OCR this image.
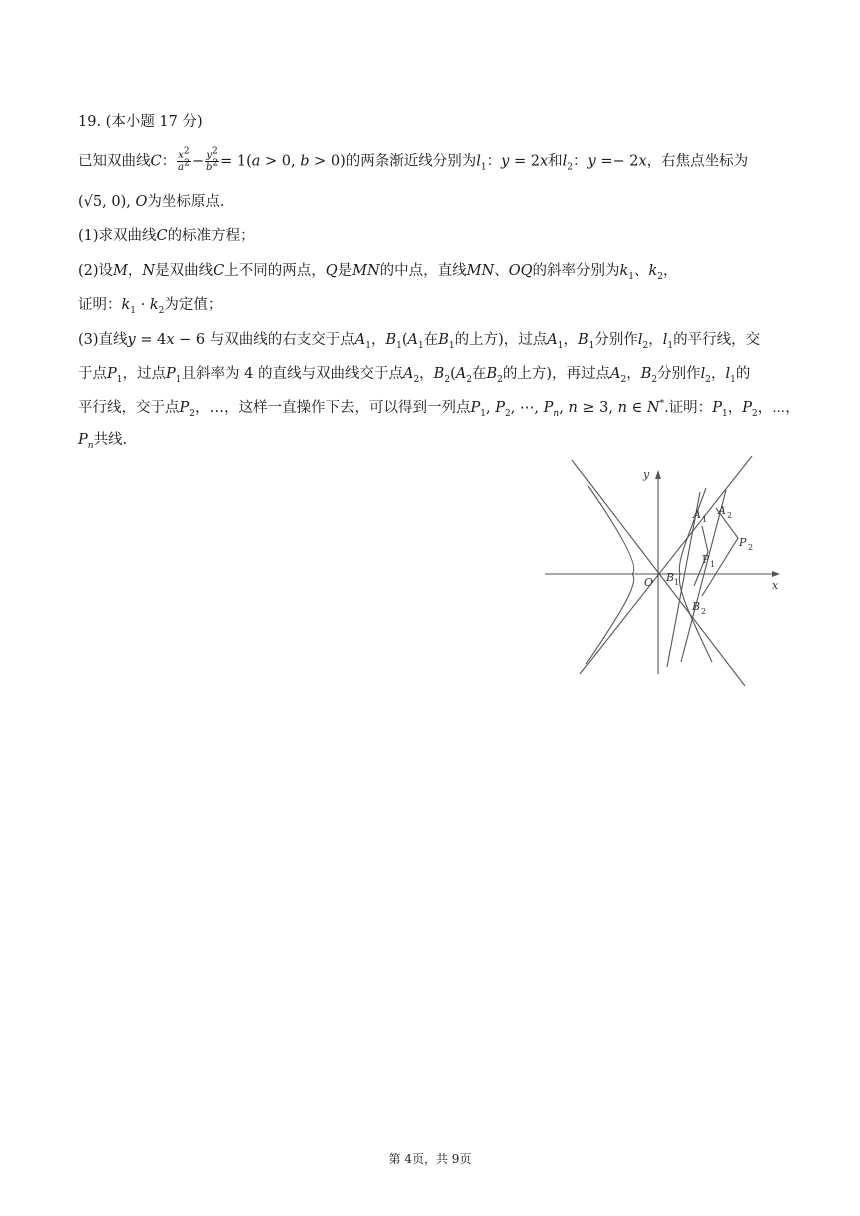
19. (本小题 17 分)
已知双曲线C： $\frac{x^2}{a^2} - \frac{y^2}{b^2} = 1(a > 0$, b > 0)的两条渐近线分别为$l_1$：y = 2x和$l_2$：y =− 2x，右焦点坐标为
(√5, 0), O为坐标原点.
(1)求双曲线C的标准方程；
(2)设M，N是双曲线C上不同的两点，Q是MN的中点，直线MN、OQ的斜率分别为$k_1$、$k_2$，
证明：$k_1 \cdot k_2$为定值；
(3)直线y = 4x − 6 与双曲线的右支交于点$A_1$，$B_1(A_1$在$B_1$的上方)，过点$A_1$，$B_1$分别作$l_2$，$l_1$的平行线，交
于点$P_1$，过点$P_1$且斜率为 4 的直线与双曲线交于点$A_2$，$B_2(A_2$在$B_2$的上方)，再过点$A_2$，$B_2$分别作$l_2$，$l_1$的
平行线，交于点$P_2$，…，这样一直操作下去，可以得到一列点$P_1$, $P_2$, ⋯, $P_n$, n ≥ 3, n ∈ N*.证明：$P_1$，$P_2$，⋯，
$P_n$共线.
y
x
O
A 1
A 2
P 1
P 2
B 1
B 2
第 4页，共 9页
